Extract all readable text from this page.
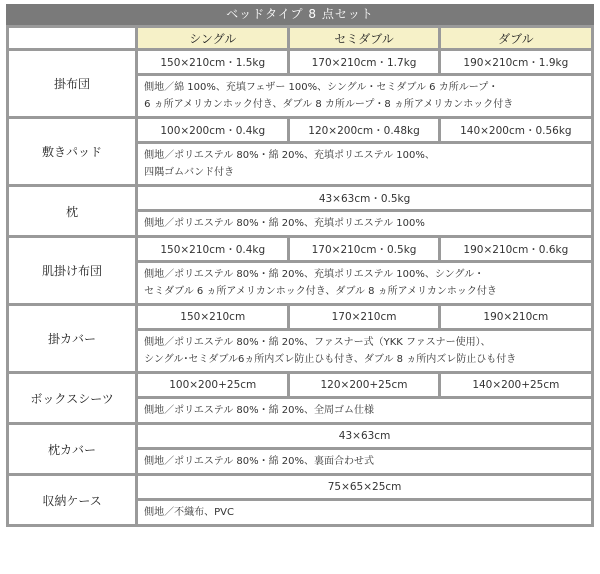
ベッドタイプ 8 点セット
	シングル	セミダブル	ダブル
掛布団	150×210cm・1.5kg	170×210cm・1.7kg	190×210cm・1.9kg

	側地／綿 100%、充填フェザー 100%、シングル・セミダブル 6 カ所ループ・
6 ヵ所アメリカンホック付き、ダブル 8 カ所ループ・8 ヵ所アメリカンホック付き		

敷きパッド	100×200cm・0.4kg	120×200cm・0.48kg	140×200cm・0.56kg

	側地／ポリエステル 80%・綿 20%、充填ポリエステル 100%、
四隅ゴムバンド付き		

枕	43×63cm・0.5kg		

	側地／ポリエステル 80%・綿 20%、充填ポリエステル 100%		

肌掛け布団	150×210cm・0.4kg	170×210cm・0.5kg	190×210cm・0.6kg

	側地／ポリエステル 80%・綿 20%、充填ポリエステル 100%、シングル・
セミダブル 6 ヵ所アメリカンホック付き、ダブル 8 ヵ所アメリカンホック付き		

掛カバー	150×210cm	170×210cm	190×210cm

	側地／ポリエステル 80%・綿 20%、ファスナー式（YKK ファスナー使用）、
シングル･セミダブル6ヵ所内ズレ防止ひも付き、ダブル 8 ヵ所内ズレ防止ひも付き		

ボックスシーツ	100×200+25cm	120×200+25cm	140×200+25cm

	側地／ポリエステル 80%・綿 20%、全周ゴム仕様		

枕カバー	43×63cm		

	側地／ポリエステル 80%・綿 20%、裏面合わせ式		

収納ケース	75×65×25cm		

	側地／不織布、PVC		
